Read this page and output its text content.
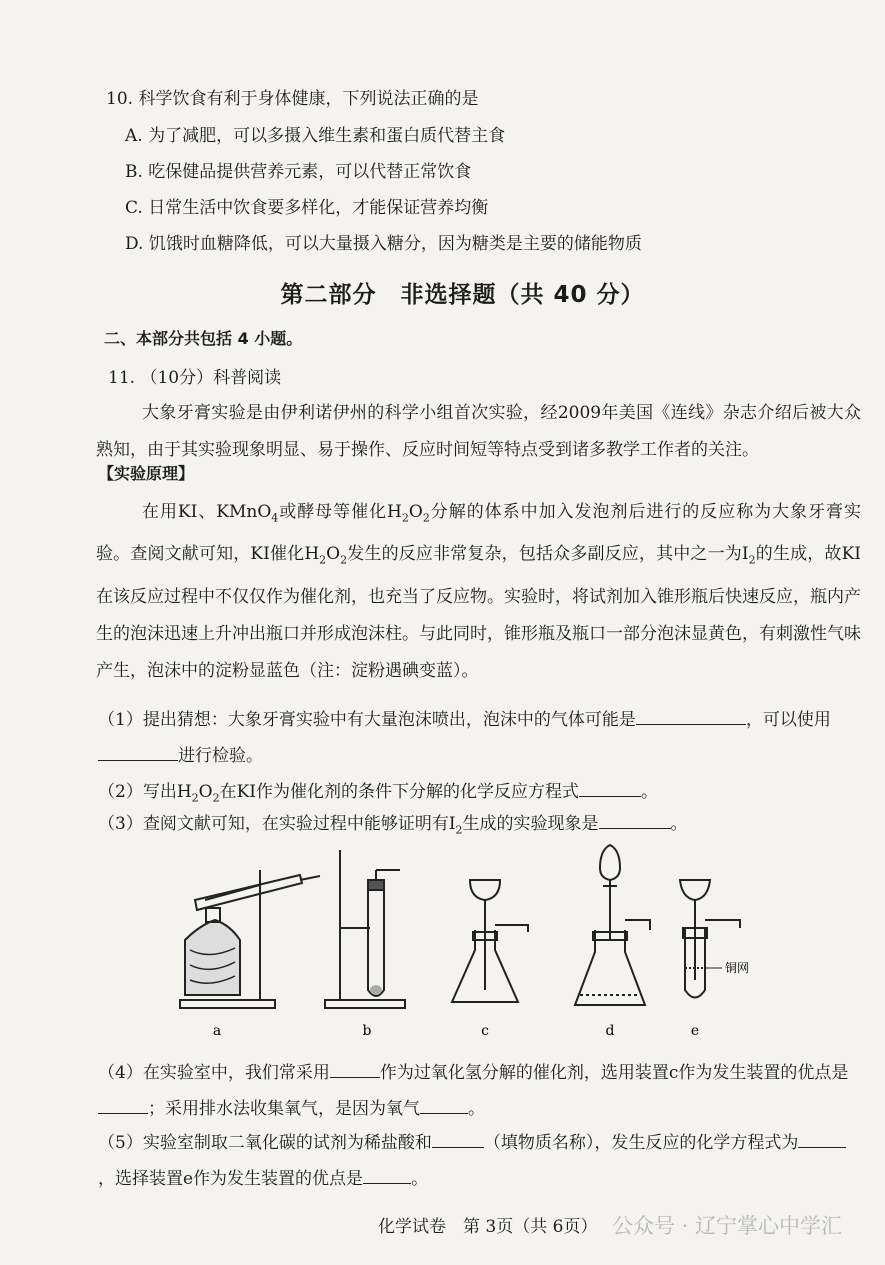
10. 科学饮食有利于身体健康，下列说法正确的是
A. 为了减肥，可以多摄入维生素和蛋白质代替主食
B. 吃保健品提供营养元素，可以代替正常饮食
C. 日常生活中饮食要多样化，才能保证营养均衡
D. 饥饿时血糖降低，可以大量摄入糖分，因为糖类是主要的储能物质
第二部分　非选择题（共 40 分）
二、本部分共包括 4 小题。
11. （10分）科普阅读
大象牙膏实验是由伊利诺伊州的科学小组首次实验，经2009年美国《连线》杂志介绍后被大众熟知，由于其实验现象明显、易于操作、反应时间短等特点受到诸多教学工作者的关注。
【实验原理】
在用KI、KMnO$_4$或酵母等催化$H_2O_2$分解的体系中加入发泡剂后进行的反应称为大象牙膏实验。查阅文献可知，KI催化$H_2O_2$发生的反应非常复杂，包括众多副反应，其中之一为$I_2$的生成，故KI在该反应过程中不仅仅作为催化剂，也充当了反应物。实验时，将试剂加入锥形瓶后快速反应，瓶内产生的泡沫迅速上升冲出瓶口并形成泡沫柱。与此同时，锥形瓶及瓶口一部分泡沫显黄色，有刺激性气味产生，泡沫中的淀粉显蓝色（注：淀粉遇碘变蓝）。
（1）提出猜想：大象牙膏实验中有大量泡沫喷出，泡沫中的气体可能是	，可以使用进行检验。
（2）写出$H_2O_2$在KI作为催化剂的条件下分解的化学反应方程式	。
（3）查阅文献可知，在实验过程中能够证明有$I_2$生成的实验现象是	。
铜网
a	b	c	d	e
（4）在实验室中，我们常采用	作为过氧化氢分解的催化剂，选用装置c作为发生装置的优点是；采用排水法收集氧气，是因为氧气	。
（5）实验室制取二氧化碳的试剂为稀盐酸和	（填物质名称），发生反应的化学方程式为，选择装置e作为发生装置的优点是	。
化学试卷　第 3页（共 6页） 公众号 · 辽宁掌心中学汇
